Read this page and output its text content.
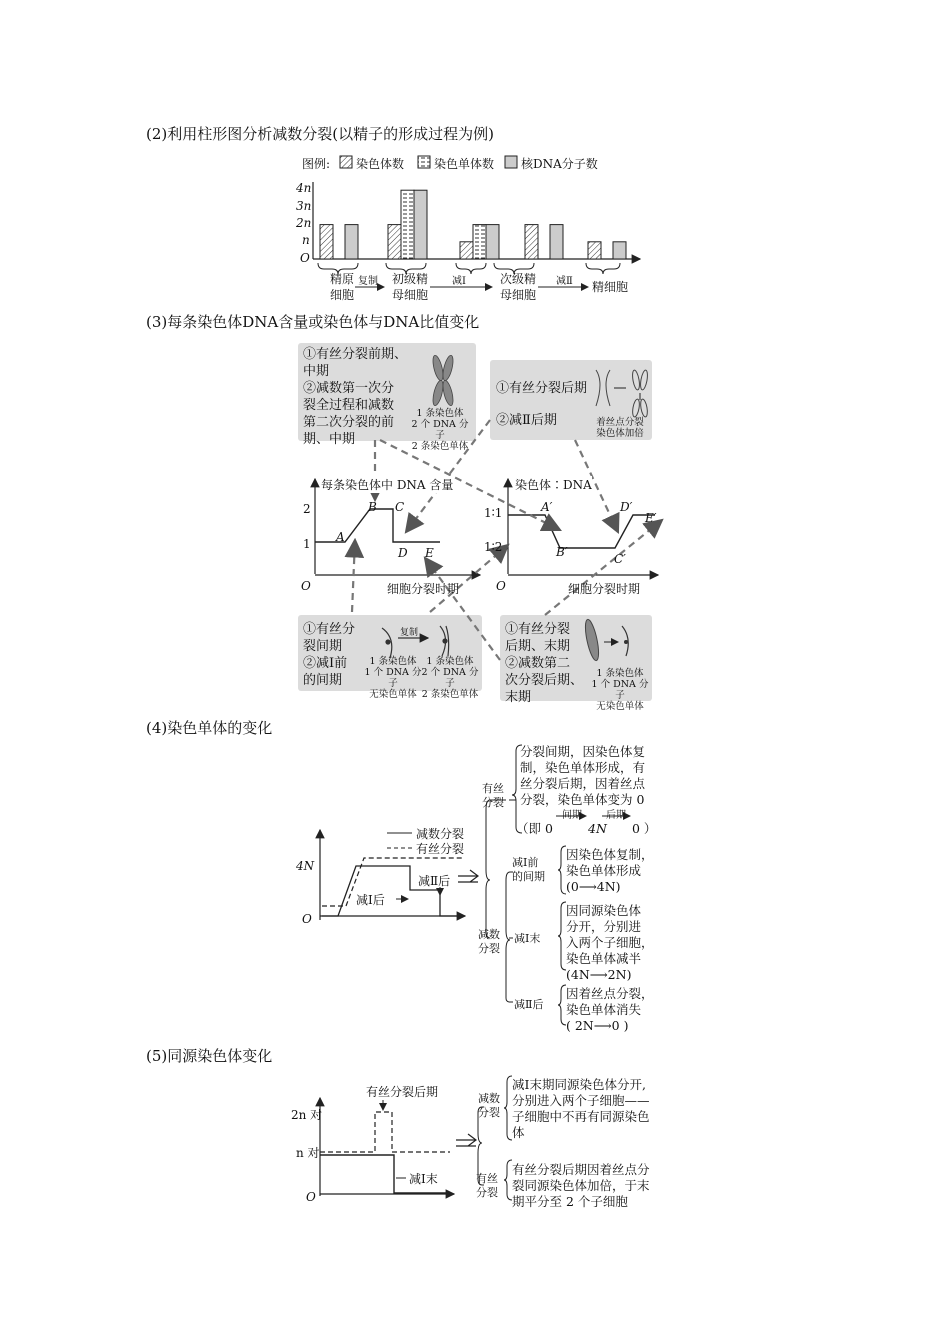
(2)利用柱形图分析减数分裂(以精子的形成过程为例)
图例: 染色体数 染色单体数 核DNA分子数
4n
3n
2n
n
O
精原
细胞
初级精
母细胞
次级精
母细胞
精细胞
复制	减Ⅰ	减Ⅱ
(3)每条染色体DNA含量或染色体与DNA比值变化
①有丝分裂前期、
中期
②减数第一次分
裂全过程和减数
第二次分裂的前
期、中期
1 条染色体
2 个 DNA 分子
2 条染色单体
①有丝分裂后期
②减Ⅱ后期	着丝点分裂
染色体加倍
①有丝分
裂间期
②减Ⅰ前
的间期
复制
1 条染色体
1 个 DNA 分子
无染色单体
1 条染色体
2 个 DNA 分子
2 条染色单体
①有丝分裂
后期、末期
②减数第二
次分裂后期、
末期
1 条染色体
1 个 DNA 分子
无染色单体
每条染色体中 DNA 含量
2
1
O	细胞分裂时期
A
B C
D E
染色体∶DNA
1∶1
1∶2
O	细胞分裂时期
A′
B′	C′
D′
E′
(4)染色单体的变化
减数分裂
有丝分裂
4N
O
减Ⅰ后
减Ⅱ后
有丝
分裂
分裂间期，因染色体复
制，染色单体形成，有
丝分裂后期，因着丝点
分裂，染色单体变为 0
（即 0
间期
4N
后期
0 ）
减数
分裂
减Ⅰ前
的间期
因染色体复制，
染色单体形成
(0⟶4N)
减Ⅰ末
因同源染色体
分开，分别进
入两个子细胞，
染色单体减半
(4N⟶2N)
减Ⅱ后
因着丝点分裂，
染色单体消失
( 2N⟶0 )
(5)同源染色体变化
有丝分裂后期
2n 对
n 对
O
减Ⅰ末
减数
分裂
减Ⅰ末期同源染色体分开,
分别进入两个子细胞——
子细胞中不再有同源染色
体
有丝
分裂
有丝分裂后期因着丝点分
裂同源染色体加倍，于末
期平分至 2 个子细胞
